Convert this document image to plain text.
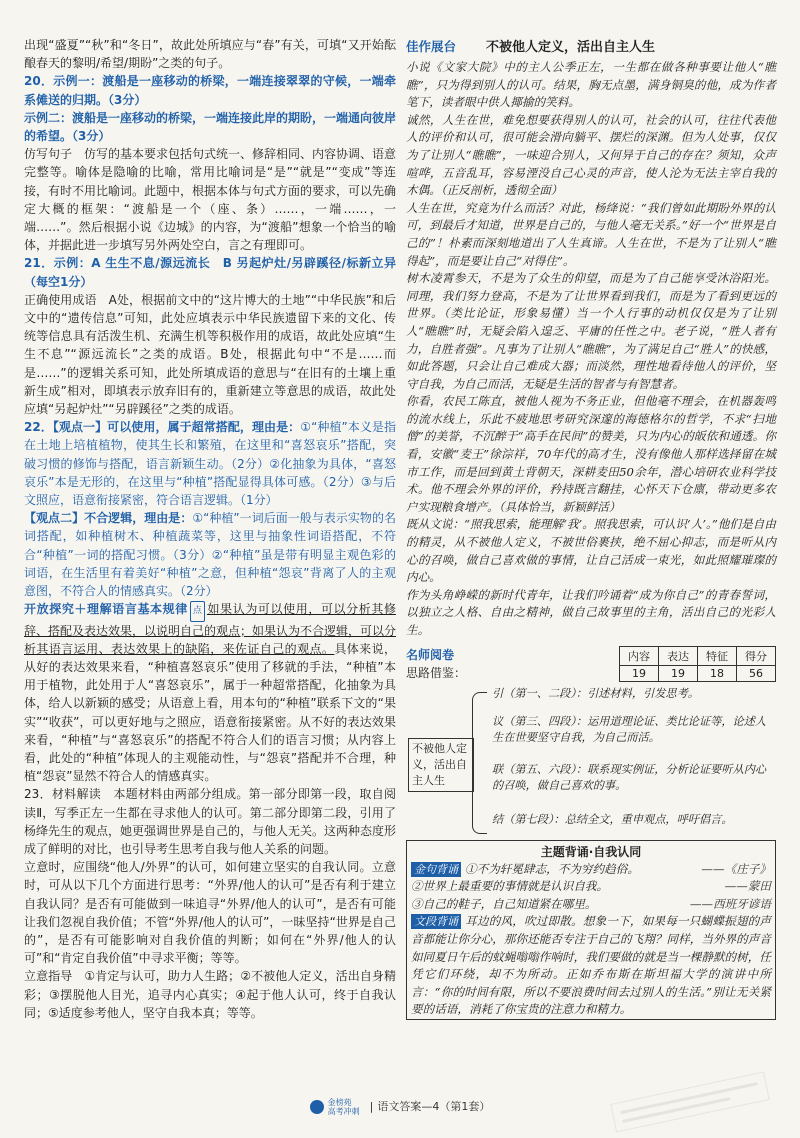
出现“盛夏”“秋”和“冬日”，故此处所填应与“春”有关，可填“又开始酝酿春天的黎明/希望/期盼”之类的句子。

20．示例一：渡船是一座移动的桥梁，一端连接翠翠的守候，一端牵系傩送的归期。（3分）

示例二：渡船是一座移动的桥梁，一端连接此岸的期盼，一端通向彼岸的希望。（3分）

仿写句子　仿写的基本要求包括句式统一、修辞相同、内容协调、语意完整等。喻体是隐喻的比喻，常用比喻词是“是”“就是”“变成”等连接，有时不用比喻词。此题中，根据本体与句式方面的要求，可以先确定大概的框架：“渡船是一个（座、条）……，一端……，一端……”。然后根据小说《边城》的内容，为“渡船”想象一个恰当的喻体，并据此进一步填写另外两处空白，言之有理即可。

21．示例：A 生生不息/源远流长　B 另起炉灶/另辟蹊径/标新立异（每空1分）

正确使用成语　A处，根据前文中的“这片博大的土地”“中华民族”和后文中的“遗传信息”可知，此处应填表示中华民族遗留下来的文化、传统等信息具有活泼生机、充满生机等积极作用的成语，故此处应填“生生不息”“源远流长”之类的成语。B处，根据此句中“不是……而是……”的逻辑关系可知，此处所填成语的意思与“在旧有的土壤上重新生成”相对，即填表示放弃旧有的，重新建立等意思的成语，故此处应填“另起炉灶”“另辟蹊径”之类的成语。

22．【观点一】可以使用，属于超常搭配，理由是：①“种植”本义是指在土地上培植植物，使其生长和繁殖，在这里和“喜怒哀乐”搭配，突破习惯的修饰与搭配，语言新颖生动。（2分）②化抽象为具体，“喜怒哀乐”本是无形的，在这里与“种植”搭配显得具体可感。（2分）③与后文照应，语意衔接紧密，符合语言逻辑。（1分）

【观点二】不合逻辑，理由是：①“种植”一词后面一般与表示实物的名词搭配，如种植树木、种植蔬菜等，这里与抽象性词语搭配，不符合“种植”一词的搭配习惯。（3分）②“种植”虽是带有明显主观色彩的词语，在生活里有着美好“种植”之意，但种植“怨哀”背离了人的主观意图，不符合人的情感真实。（2分）

开放探究＋理解语言基本规律 点 如果认为可以使用，可以分析其修辞、搭配及表达效果，以说明自己的观点；如果认为不合逻辑，可以分析其语言运用、表达效果上的缺陷，来佐证自己的观点。具体来说，从好的表达效果来看，“种植喜怒哀乐”使用了移就的手法，“种植”本用于植物，此处用于人“喜怒哀乐”，属于一种超常搭配，化抽象为具体，给人以新颖的感受；从语意上看，用本句的“种植”联系下文的“果实”“收获”，可以更好地与之照应，语意衔接紧密。从不好的表达效果来看，“种植”与“喜怒哀乐”的搭配不符合人们的语言习惯；从内容上看，此处的“种植”体现人的主观能动性，与“怨哀”搭配并不合理，种植“怨哀”显然不符合人的情感真实。

23．材料解读　本题材料由两部分组成。第一部分即第一段，取自阅读Ⅱ，写季正左一生都在寻求他人的认可。第二部分即第二段，引用了杨绛先生的观点，她更强调世界是自己的，与他人无关。这两种态度形成了鲜明的对比，也引导考生思考自我与他人关系的问题。

立意时，应围绕“他人/外界”的认可，如何建立坚实的自我认同。立意时，可从以下几个方面进行思考：“外界/他人的认可”是否有利于建立自我认同？是否有可能做到一味追寻“外界/他人的认可”，是否有可能让我们忽视自我价值；不管“外界/他人的认可”，一昧坚持“世界是自己的”，是否有可能影响对自我价值的判断；如何在“外界/他人的认可”和“肯定自我价值”中寻求平衡；等等。

立意指导　①肯定与认可，助力人生路；②不被他人定义，活出自身精彩；③摆脱他人目光，追寻内心真实；④起于他人认可，终于自我认同；⑤适度参考他人，坚守自我本真；等等。

佳作展台 不被他人定义，活出自主人生

小说《文家大院》中的主人公季正左，一生都在做各种事要让他人“瞧瞧”，只为得到别人的认可。结果，胸无点墨，满身铜臭的他，成为作者笔下，读者眼中供人揶揄的笑料。

诚然，人生在世，难免想要获得别人的认可，社会的认可，往往代表他人的评价和认可，很可能会滑向躺平、摆烂的深渊。但为人处事，仅仅为了让别人“瞧瞧”，一味迎合别人，又何异于自己的存在？须知，众声喧哗，五音乱耳，容易湮没自己心灵的声音，使人沦为无法主宰自我的木偶。（正反剖析，透彻全面）

人生在世，究竟为什么而活？对此，杨绛说：“我们曾如此期盼外界的认可，到最后才知道，世界是自己的，与他人毫无关系。”好一个“世界是自己的”！朴素而深刻地道出了人生真谛。人生在世，不是为了让别人“瞧得起”，而是要让自己“对得住”。

树木凌霄参天，不是为了众生的仰望，而是为了自己能享受沐浴阳光。同理，我们努力登高，不是为了让世界看到我们，而是为了看到更远的世界。（类比论证，形象易懂）当一个人行事的动机仅仅是为了让别人“瞧瞧”时，无疑会陷入遑乏、平庸的任性之中。老子说，“胜人者有力，自胜者强”。凡事为了让别人“瞧瞧”，为了满足自己“胜人”的快感，如此答题，只会让自己难成大器；而淡然，理性地看待他人的评价，坚守自我，为自己而活，无疑是生活的智者与有智慧者。

你看，农民工陈直，被他人视为不务正业，但他毫不理会，在机器轰鸣的流水线上，乐此不疲地思考研究深邃的海德格尔的哲学，不求“扫地僧”的美誉，不沉醉于“高手在民间”的赞美，只为内心的皈依和通透。你看，安徽“麦王”徐淙祥，70年代的高才生，没有像他人那样选择留在城市工作，而是回到黄土背朝天，深耕麦田50余年，潜心培研农业科学技术。他不理会外界的评价，矜持既言翻挂，心怀天下仓廪，带动更多农户实现粮食增产。（具体恰当，新颖鲜活）

既从文说：“照我思索，能理解‘我’。照我思索，可认识‘人’。”他们是自由的精灵，从不被他人定义，不被世俗裹挟，绝不屈心抑志，而是听从内心的召唤，做自己喜欢做的事情，让自己活成一束光，如此照耀璀璨的内心。

作为头角峥嵘的新时代青年，让我们吟诵着“成为你自己”的青春誓词，以独立之人格、自由之精神，做自己故事里的主角，活出自己的光彩人生。

名师阅卷
思路借鉴：
内容	表达	特征	得分
19	19	18	56
不被他人定义，活出自主人生
引（第一、二段）：引述材料，引发思考。
议（第三、四段）：运用道理论证、类比论证等，论述人生在世要坚守自我，为自己而活。
联（第五、六段）：联系现实例证，分析论证要听从内心的召唤，做自己喜欢的事。
结（第七段）：总结全文，重申观点，呼吁倡言。
主题背诵·自我认同

金句背诵 ①不为轩冕肆志，不为穷约趋俗。	——《庄子》

②世界上最重要的事情就是认识自我。	——蒙田

③自己的鞋子，自己知道紧在哪里。	——西班牙谚语

文段背诵 耳边的风，吹过即散。想象一下，如果每一只蝴蝶振翅的声音都能让你分心，那你还能否专注于自己的飞翔？同样，当外界的声音如同夏日午后的蚊蝇嗡嗡作响时，我们要做的就是当一棵静默的树，任凭它们环绕，却不为所动。正如乔布斯在斯坦福大学的演讲中所言：“你的时间有限，所以不要浪费时间去过别人的生活。”别让无关紧要的话语，消耗了你宝贵的注意力和精力。

金榜苑
高考冲刺 | 语文答案—4（第1套）
